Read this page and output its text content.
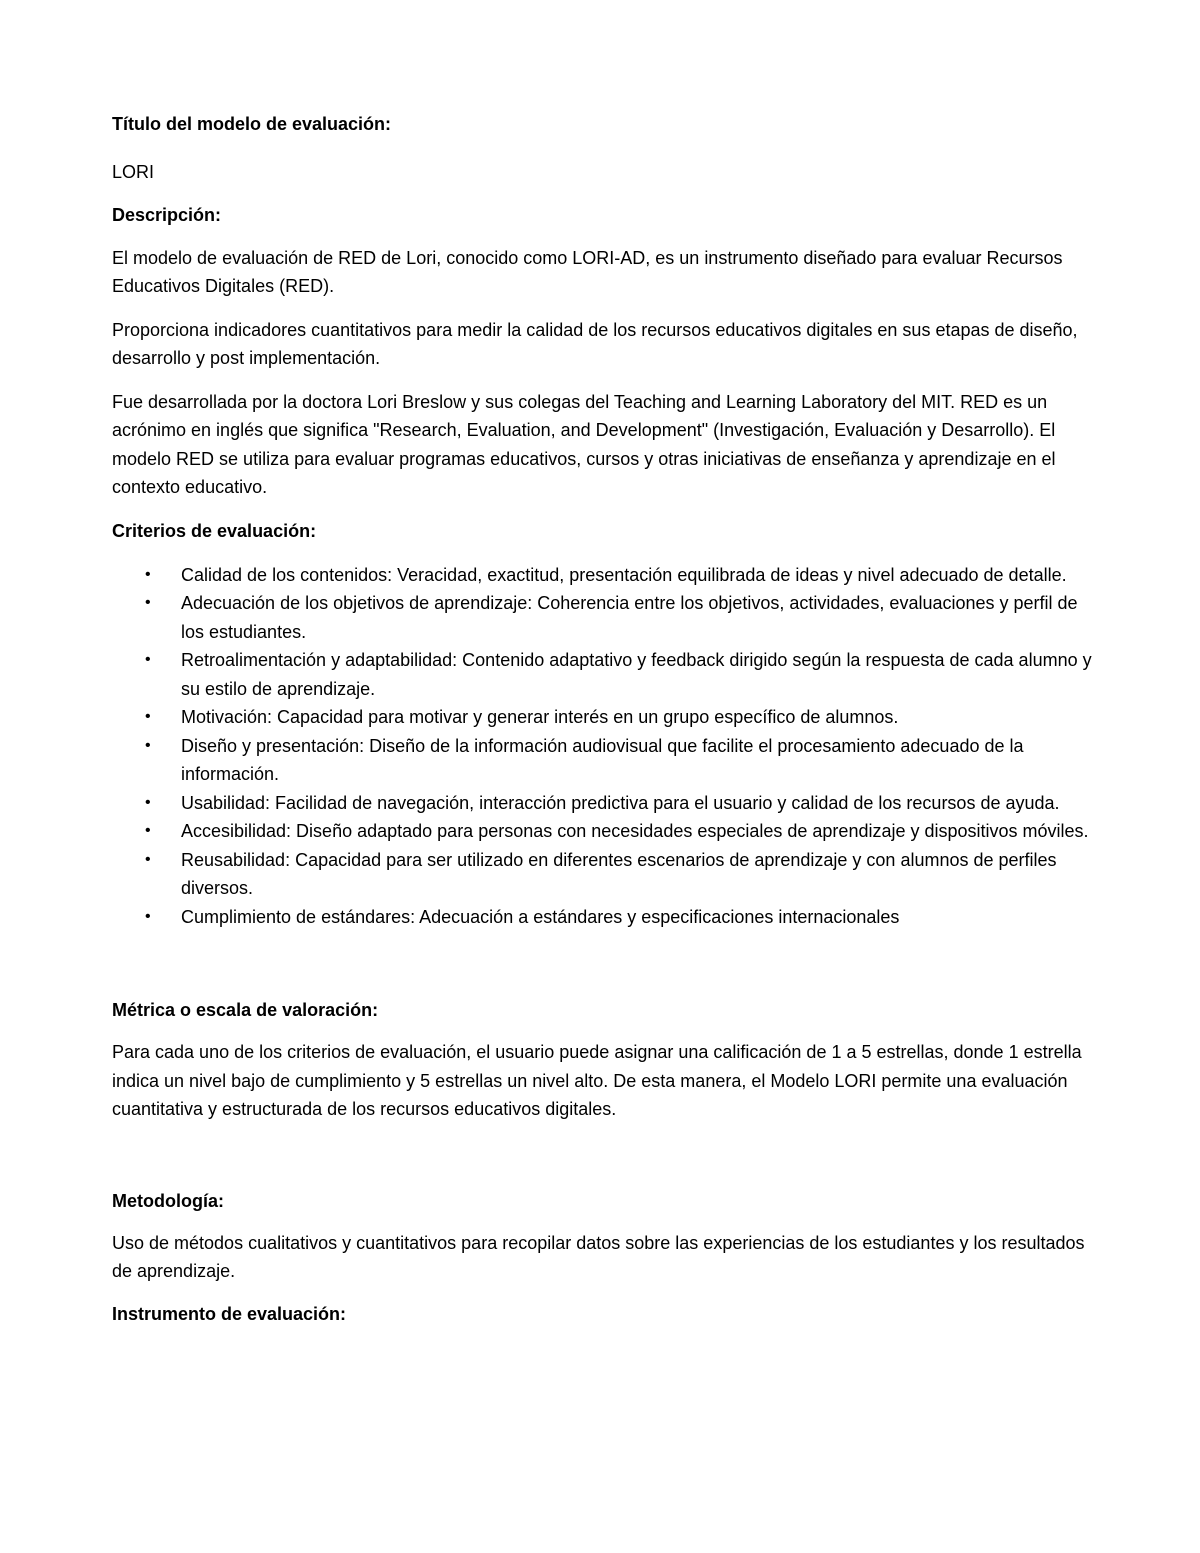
Título del modelo de evaluación:

LORI

Descripción:

El modelo de evaluación de RED de Lori, conocido como LORI-AD, es un instrumento diseñado para evaluar Recursos Educativos Digitales (RED).

Proporciona indicadores cuantitativos para medir la calidad de los recursos educativos digitales en sus etapas de diseño, desarrollo y post implementación.

Fue desarrollada por la doctora Lori Breslow y sus colegas del Teaching and Learning Laboratory del MIT. RED es un acrónimo en inglés que significa "Research, Evaluation, and Development" (Investigación, Evaluación y Desarrollo). El modelo RED se utiliza para evaluar programas educativos, cursos y otras iniciativas de enseñanza y aprendizaje en el contexto educativo.

Criterios de evaluación:

• Calidad de los contenidos: Veracidad, exactitud, presentación equilibrada de ideas y nivel adecuado de detalle.
• Adecuación de los objetivos de aprendizaje: Coherencia entre los objetivos, actividades, evaluaciones y perfil de los estudiantes.
• Retroalimentación y adaptabilidad: Contenido adaptativo y feedback dirigido según la respuesta de cada alumno y su estilo de aprendizaje.
• Motivación: Capacidad para motivar y generar interés en un grupo específico de alumnos.
• Diseño y presentación: Diseño de la información audiovisual que facilite el procesamiento adecuado de la información.
• Usabilidad: Facilidad de navegación, interacción predictiva para el usuario y calidad de los recursos de ayuda.
• Accesibilidad: Diseño adaptado para personas con necesidades especiales de aprendizaje y dispositivos móviles.
• Reusabilidad: Capacidad para ser utilizado en diferentes escenarios de aprendizaje y con alumnos de perfiles diversos.
• Cumplimiento de estándares: Adecuación a estándares y especificaciones internacionales

Métrica o escala de valoración:

Para cada uno de los criterios de evaluación, el usuario puede asignar una calificación de 1 a 5 estrellas, donde 1 estrella indica un nivel bajo de cumplimiento y 5 estrellas un nivel alto. De esta manera, el Modelo LORI permite una evaluación cuantitativa y estructurada de los recursos educativos digitales.

Metodología:

Uso de métodos cualitativos y cuantitativos para recopilar datos sobre las experiencias de los estudiantes y los resultados de aprendizaje.

Instrumento de evaluación:
